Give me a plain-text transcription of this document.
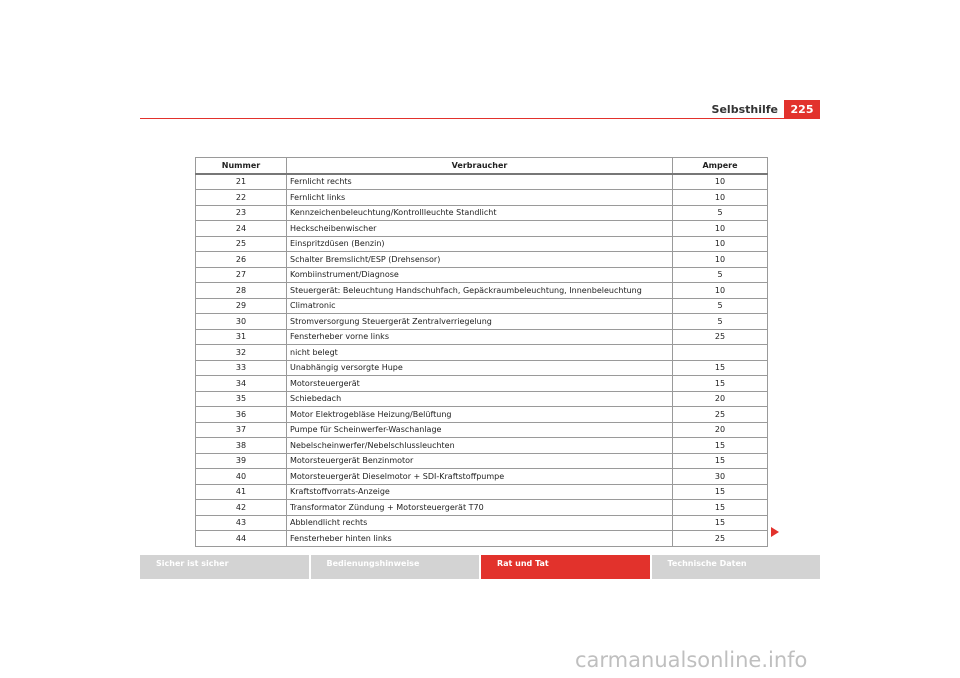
Selbsthilfe	225
Nummer	Verbraucher	Ampere
21	Fernlicht rechts	10
22	Fernlicht links	10
23	Kennzeichenbeleuchtung/Kontrollleuchte Standlicht	5
24	Heckscheibenwischer	10
25	Einspritzdüsen (Benzin)	10
26	Schalter Bremslicht/ESP (Drehsensor)	10
27	Kombiinstrument/Diagnose	5
28	Steuergerät: Beleuchtung Handschuhfach, Gepäckraumbeleuchtung, Innenbeleuchtung	10
29	Climatronic	5
30	Stromversorgung Steuergerät Zentralverriegelung	5
31	Fensterheber vorne links	25
32	nicht belegt	
33	Unabhängig versorgte Hupe	15
34	Motorsteuergerät	15
35	Schiebedach	20
36	Motor Elektrogebläse Heizung/Belüftung	25
37	Pumpe für Scheinwerfer-Waschanlage	20
38	Nebelscheinwerfer/Nebelschlussleuchten	15
39	Motorsteuergerät Benzinmotor	15
40	Motorsteuergerät Dieselmotor + SDI-Kraftstoffpumpe	30
41	Kraftstoffvorrats-Anzeige	15
42	Transformator Zündung + Motorsteuergerät T70	15
43	Abblendlicht rechts	15
44	Fensterheber hinten links	25
Sicher ist sicher	Bedienungshinweise	Rat und Tat	Technische Daten
carmanualsonline.info
